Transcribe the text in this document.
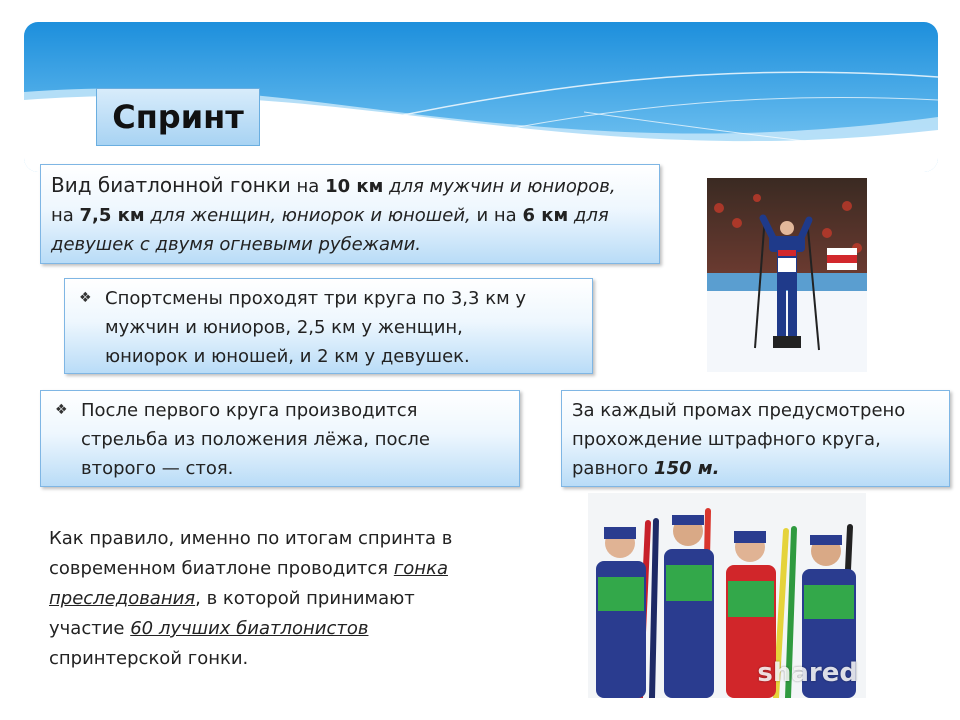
Спринт
Вид биатлонной гонки на 10 км для мужчин и юниоров,
на 7,5 км для женщин, юниорок и юношей, и на 6 км для
девушек с двумя огневыми рубежами.
❖ Спортсмены проходят три круга по 3,3 км у
мужчин и юниоров, 2,5 км у женщин,
юниорок и юношей, и 2 км у девушек.
❖ После первого круга производится
стрельба из положения лёжа, после
второго — стоя.
За каждый промах предусмотрено
прохождение штрафного круга,
равного 150 м.
Как правило, именно по итогам спринта в
современном биатлоне проводится гонка
преследования, в которой принимают
участие 60 лучших биатлонистов
спринтерской гонки.	shared
